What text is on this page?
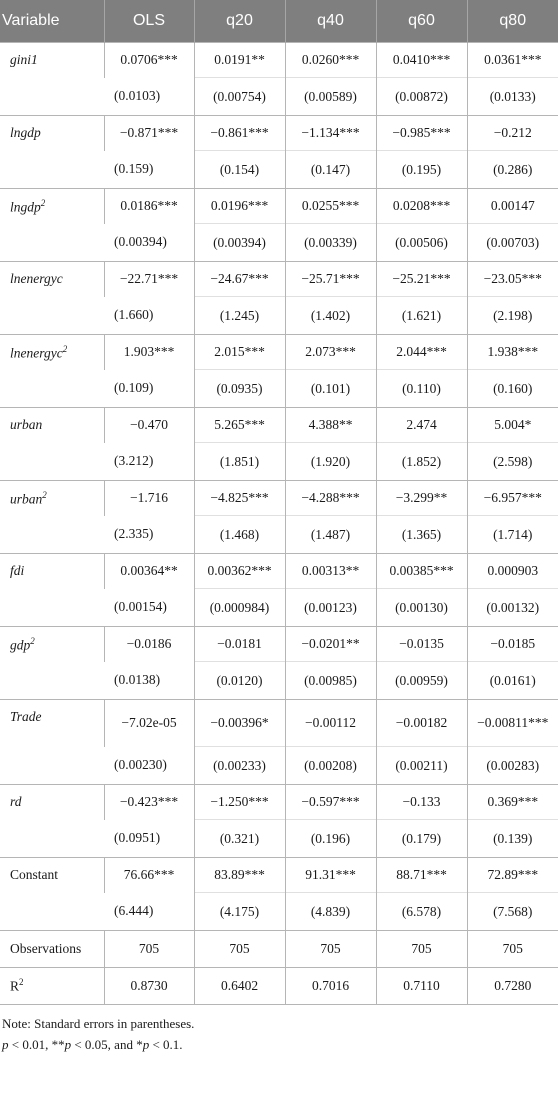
Variable	OLS	q20	q40	q60	q80
gini1	0.0706***	0.0191**	0.0260***	0.0410***	0.0361***
	(0.0103)	(0.00754)	(0.00589)	(0.00872)	(0.0133)
lngdp	−0.871***	−0.861***	−1.134***	−0.985***	−0.212
	(0.159)	(0.154)	(0.147)	(0.195)	(0.286)
lngdp$^2$	0.0186***	0.0196***	0.0255***	0.0208***	0.00147
	(0.00394)	(0.00394)	(0.00339)	(0.00506)	(0.00703)
lnenergyc	−22.71***	−24.67***	−25.71***	−25.21***	−23.05***
	(1.660)	(1.245)	(1.402)	(1.621)	(2.198)
lnenergyc$^2$	1.903***	2.015***	2.073***	2.044***	1.938***
	(0.109)	(0.0935)	(0.101)	(0.110)	(0.160)
urban	−0.470	5.265***	4.388**	2.474	5.004*
	(3.212)	(1.851)	(1.920)	(1.852)	(2.598)
urban$^2$	−1.716	−4.825***	−4.288***	−3.299**	−6.957***
	(2.335)	(1.468)	(1.487)	(1.365)	(1.714)
fdi	0.00364**	0.00362***	0.00313**	0.00385***	0.000903
	(0.00154)	(0.000984)	(0.00123)	(0.00130)	(0.00132)
gdp$^2$	−0.0186	−0.0181	−0.0201**	−0.0135	−0.0185
	(0.0138)	(0.0120)	(0.00985)	(0.00959)	(0.0161)
Trade	−7.02e-05	−0.00396*	−0.00112	−0.00182	−0.00811***
	(0.00230)	(0.00233)	(0.00208)	(0.00211)	(0.00283)
rd	−0.423***	−1.250***	−0.597***	−0.133	0.369***
	(0.0951)	(0.321)	(0.196)	(0.179)	(0.139)
Constant	76.66***	83.89***	91.31***	88.71***	72.89***
	(6.444)	(4.175)	(4.839)	(6.578)	(7.568)
Observations	705	705	705	705	705
$R^2$	0.8730	0.6402	0.7016	0.7110	0.7280

Note: Standard errors in parentheses.

p < 0.01, **p < 0.05, and *p < 0.1.
